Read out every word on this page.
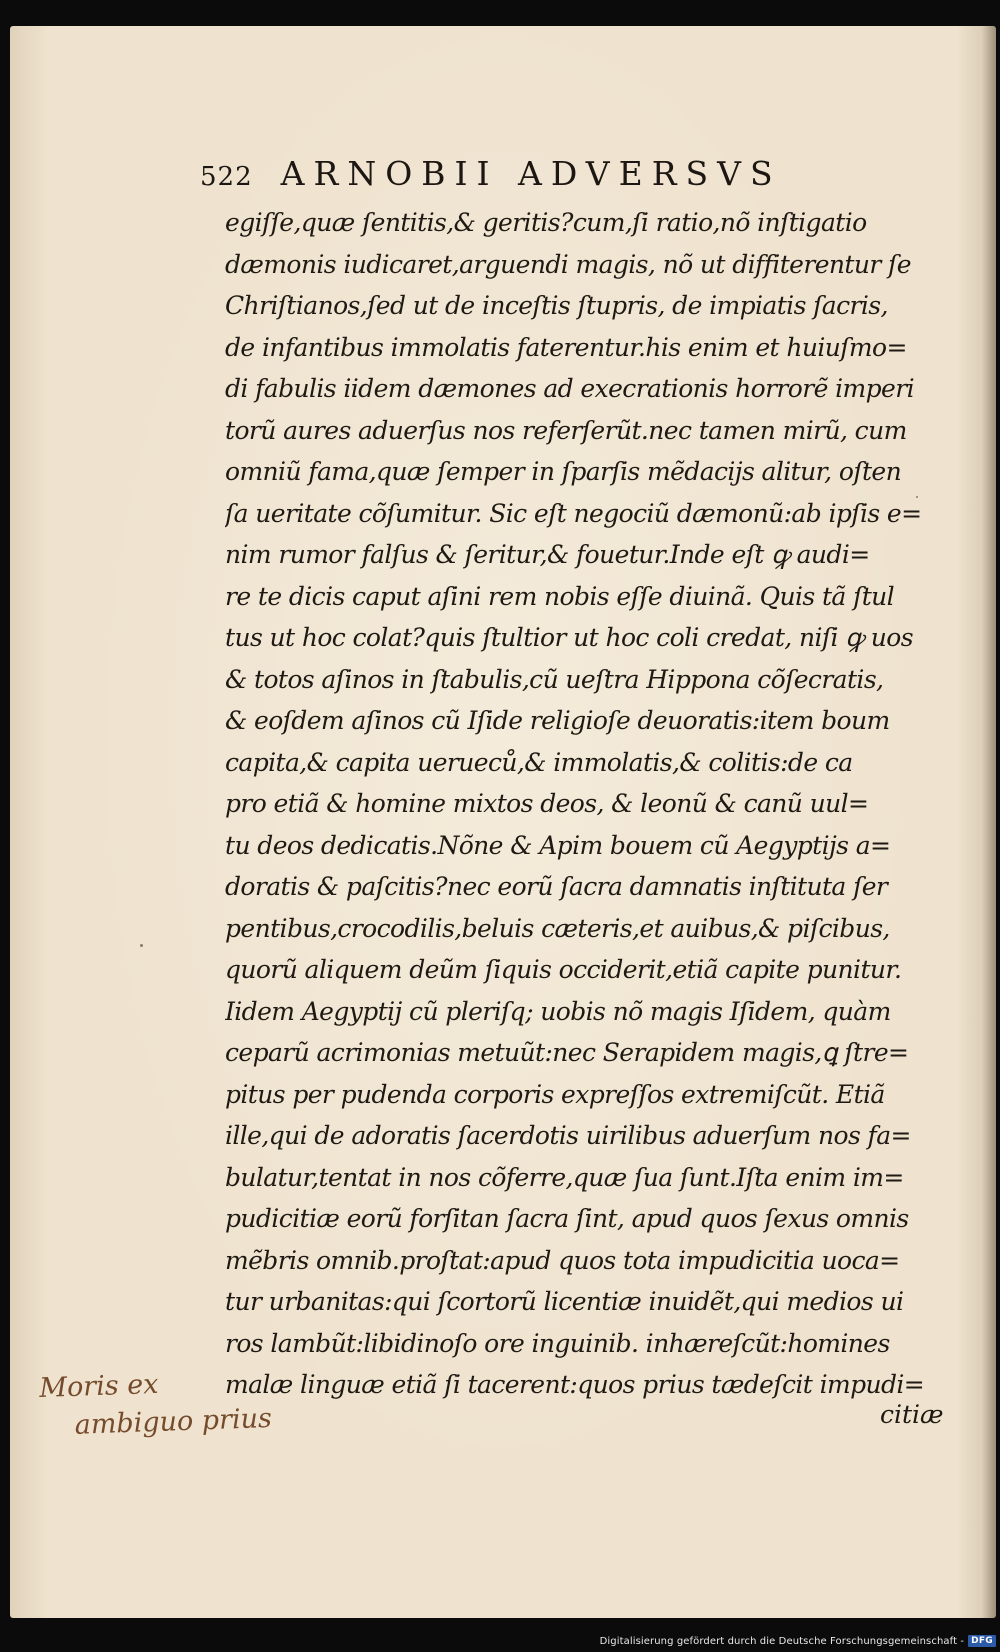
522 ARNOBII ADVERSVS
egiſſe,quæ ſentitis,& geritis?cum,ſi ratio,nõ inſtigatio
dæmonis iudicaret,arguendi magis, nõ ut diffiterentur ſe
Chriſtianos,ſed ut de inceſtis ſtupris, de impiatis ſacris,
de infantibus immolatis faterentur.his enim et huiuſmo=
di fabulis iidem dæmones ad execrationis horrorẽ imperi
torũ aures aduerſus nos referſerũt.nec tamen mirũ, cum
omniũ fama,quæ ſemper in ſparſis mẽdacijs alitur, oſten
ſa ueritate cõſumitur. Sic eſt negociũ dæmonũ:ab ipſis e=
nim rumor falſus & ſeritur,& fouetur.Inde eſt ꝙ audi=
re te dicis caput aſini rem nobis eſſe diuinã. Quis tã ſtul
tus ut hoc colat?quis ſtultior ut hoc coli credat, niſi ꝙ uos
& totos aſinos in ſtabulis,cũ ueſtra Hippona cõſecratis,
& eoſdem aſinos cũ Iſide religioſe deuoratis:item boum
capita,& capita uerueců,& immolatis,& colitis:de ca
pro etiã & homine mixtos deos, & leonũ & canũ uul=
tu deos dedicatis.Nõne & Apim bouem cũ Aegyptijs a=
doratis & paſcitis?nec eorũ ſacra damnatis inſtituta ſer
pentibus,crocodilis,beluis cæteris,et auibus,& piſcibus,
quorũ aliquem deũm ſiquis occiderit,etiã capite punitur.
Iidem Aegyptij cũ pleriſq; uobis nõ magis Iſidem, quàm
ceparũ acrimonias metuũt:nec Serapidem magis,ꝗ ſtre=
pitus per pudenda corporis expreſſos extremiſcũt. Etiã
ille,qui de adoratis ſacerdotis uirilibus aduerſum nos fa=
bulatur,tentat in nos cõferre,quæ ſua ſunt.Iſta enim im=
pudicitiæ eorũ forſitan ſacra ſint, apud quos ſexus omnis
mẽbris omnib.proſtat:apud quos tota impudicitia uoca=
tur urbanitas:qui ſcortorũ licentiæ inuidẽt,qui medios ui
ros lambũt:libidinoſo ore inguinib. inhæreſcũt:homines
malæ linguæ etiã ſi tacerent:quos prius tædeſcit impudi=
citiæ
Moris ex
ambiguo prius
Digitalisierung gefördert durch die Deutsche Forschungsgemeinschaft - DFG
